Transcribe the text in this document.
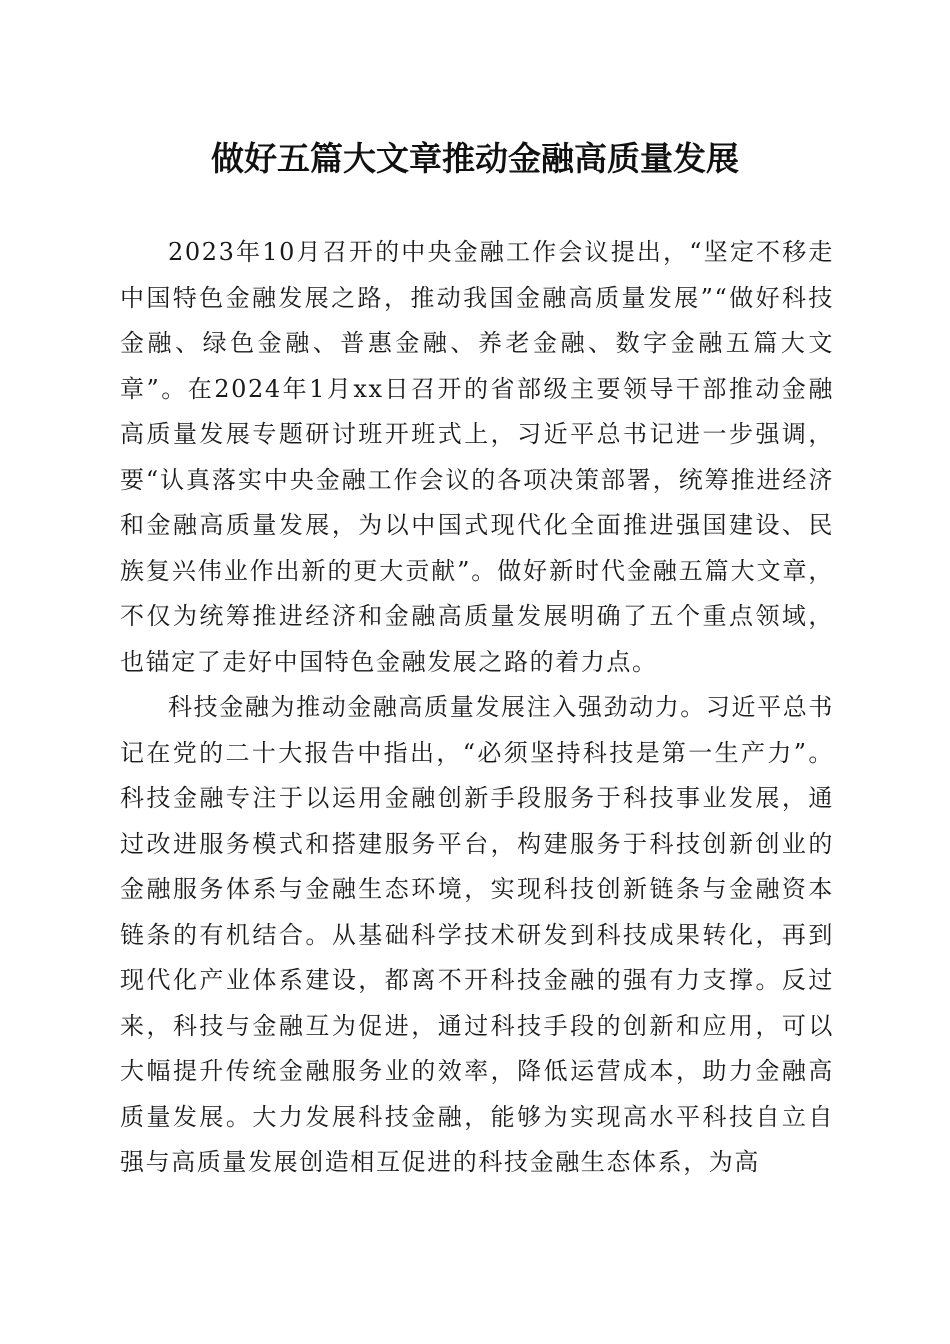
做好五篇大文章推动金融高质量发展

2023年10月召开的中央金融工作会议提出，“坚定不移走中国特色金融发展之路，推动我国金融高质量发展”“做好科技金融、绿色金融、普惠金融、养老金融、数字金融五篇大文章”。在2024年1月xx日召开的省部级主要领导干部推动金融高质量发展专题研讨班开班式上，习近平总书记进一步强调，要“认真落实中央金融工作会议的各项决策部署，统筹推进经济和金融高质量发展，为以中国式现代化全面推进强国建设、民族复兴伟业作出新的更大贡献”。做好新时代金融五篇大文章，不仅为统筹推进经济和金融高质量发展明确了五个重点领域，也锚定了走好中国特色金融发展之路的着力点。

科技金融为推动金融高质量发展注入强劲动力。习近平总书记在党的二十大报告中指出，“必须坚持科技是第一生产力”。科技金融专注于以运用金融创新手段服务于科技事业发展，通过改进服务模式和搭建服务平台，构建服务于科技创新创业的金融服务体系与金融生态环境，实现科技创新链条与金融资本链条的有机结合。从基础科学技术研发到科技成果转化，再到现代化产业体系建设，都离不开科技金融的强有力支撑。反过来，科技与金融互为促进，通过科技手段的创新和应用，可以大幅提升传统金融服务业的效率，降低运营成本，助力金融高质量发展。大力发展科技金融，能够为实现高水平科技自立自强与高质量发展创造相互促进的科技金融生态体系，为高
